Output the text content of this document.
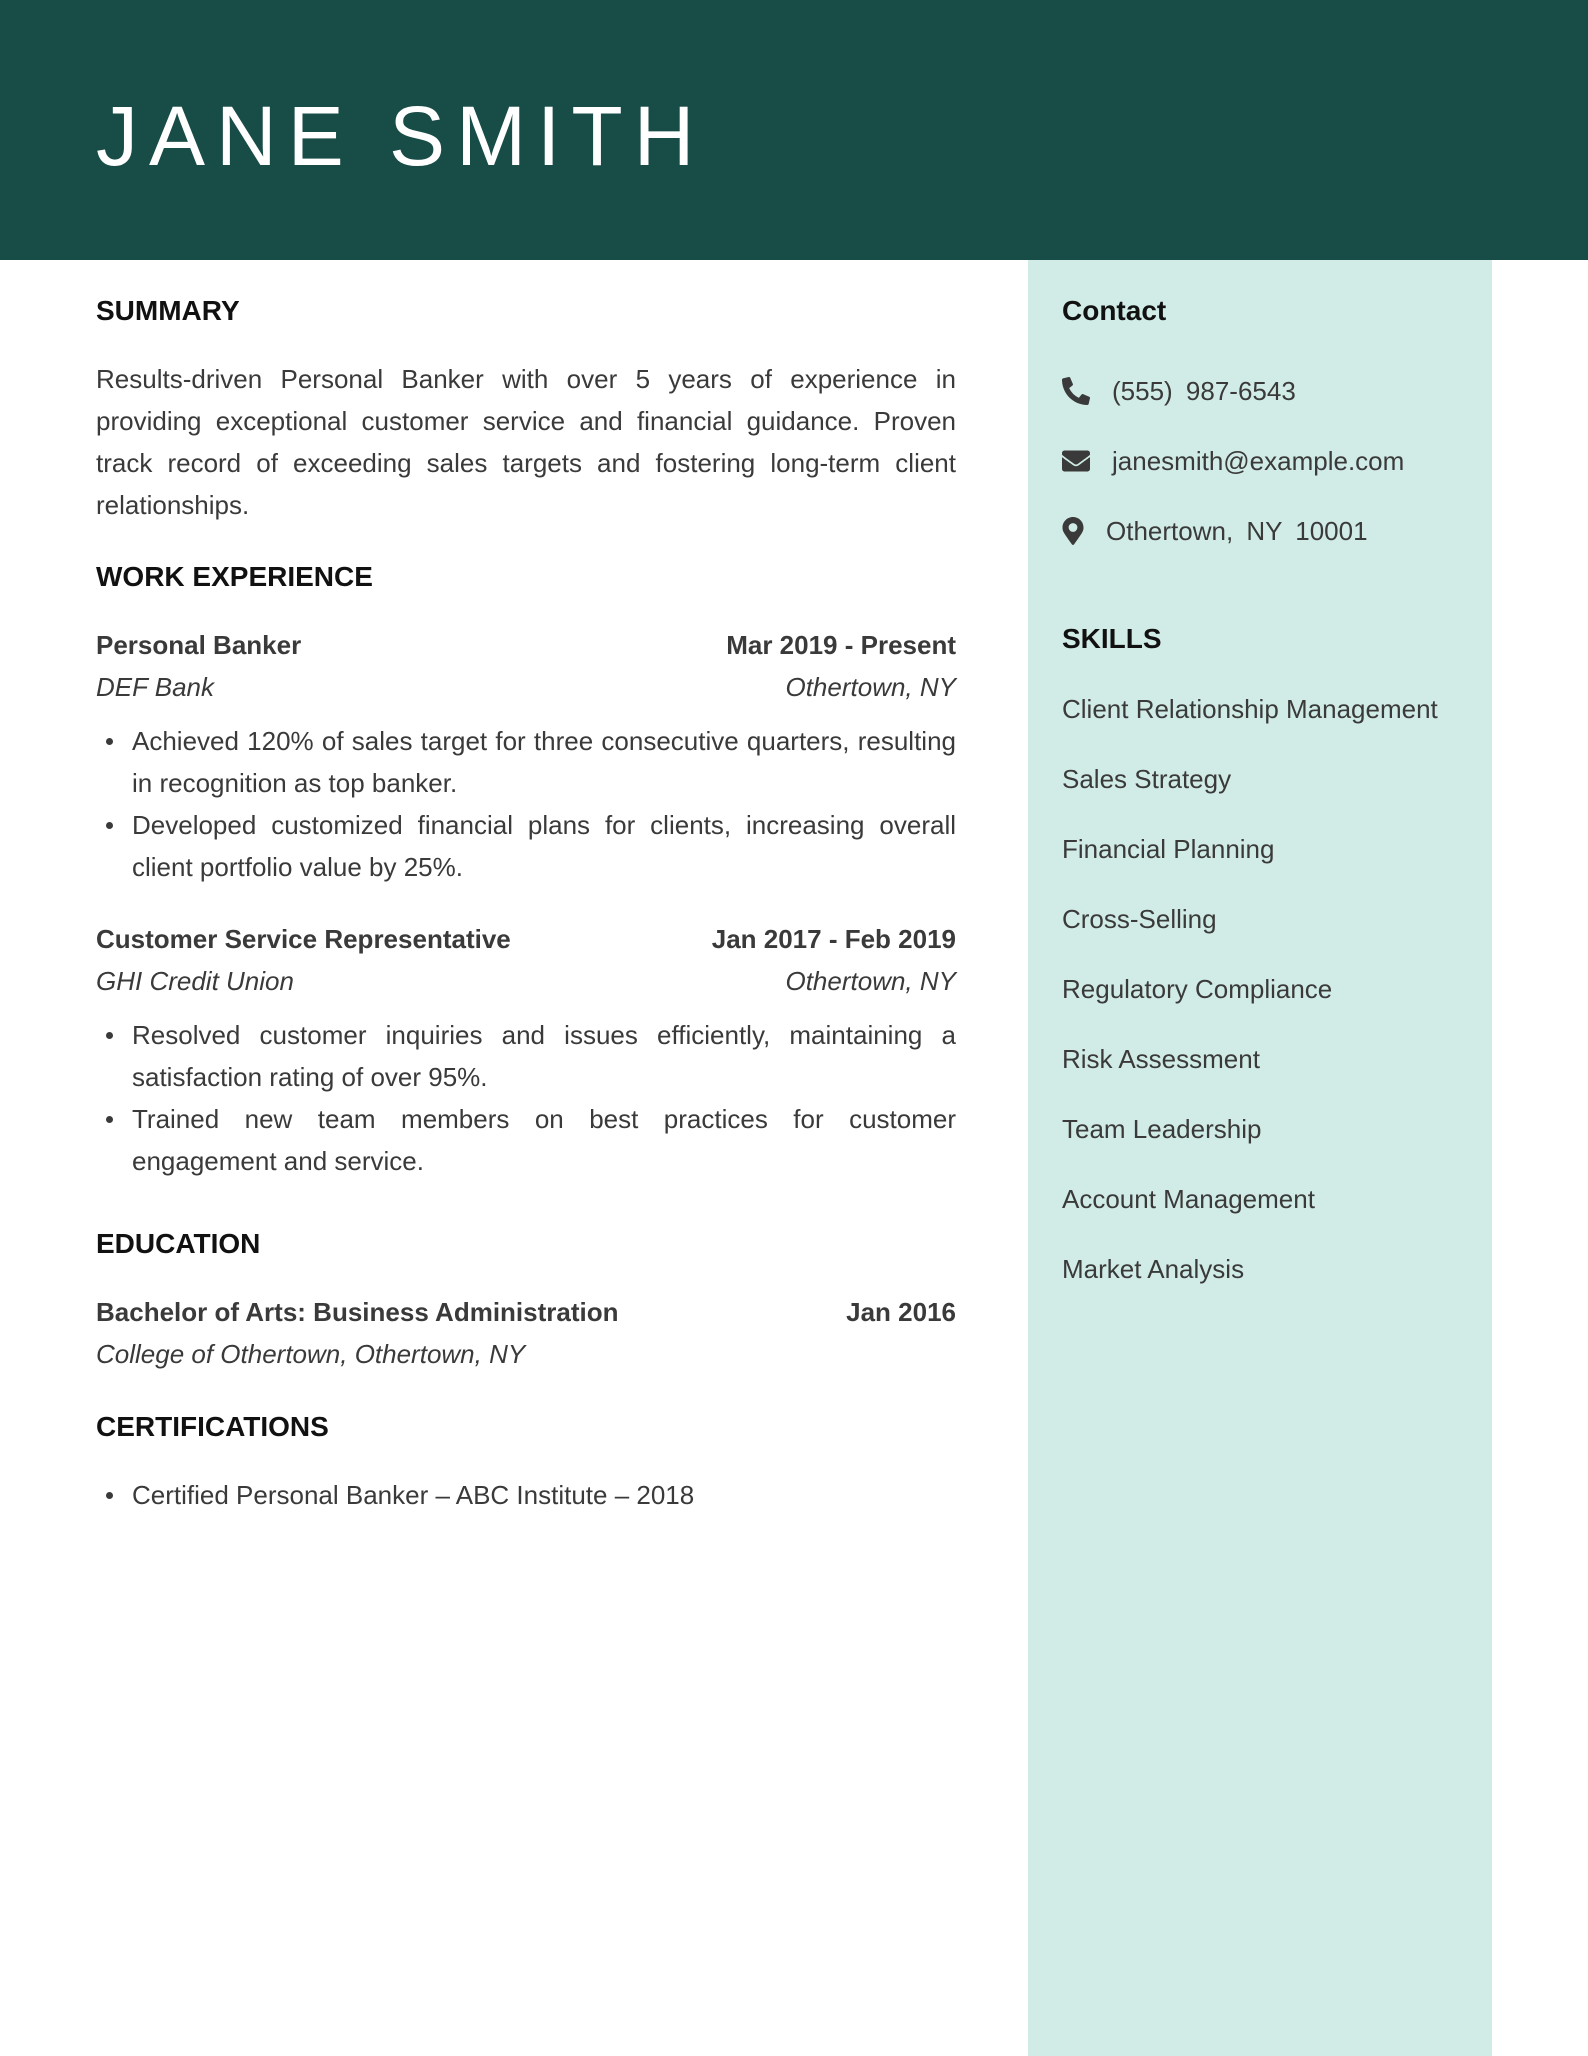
JANE SMITH
Contact
(555) 987-6543
janesmith@example.com
Othertown, NY 10001
SKILLS
Client Relationship Management
Sales Strategy
Financial Planning
Cross-Selling
Regulatory Compliance
Risk Assessment
Team Leadership
Account Management
Market Analysis
SUMMARY

Results-driven Personal Banker with over 5 years of experience in providing exceptional customer service and financial guidance. Proven track record of exceeding sales targets and fostering long-term client relationships.

WORK EXPERIENCE
Personal Banker	Mar 2019 - Present
DEF Bank	Othertown, NY
Achieved 120% of sales target for three consecutive quarters, resulting in recognition as top banker.
Developed customized financial plans for clients, increasing overall client portfolio value by 25%.
Customer Service Representative	Jan 2017 - Feb 2019
GHI Credit Union	Othertown, NY
Resolved customer inquiries and issues efficiently, maintaining a satisfaction rating of over 95%.
Trained new team members on best practices for customer engagement and service.
EDUCATION
Bachelor of Arts: Business Administration	Jan 2016
College of Othertown, Othertown, NY
CERTIFICATIONS
Certified Personal Banker – ABC Institute – 2018
